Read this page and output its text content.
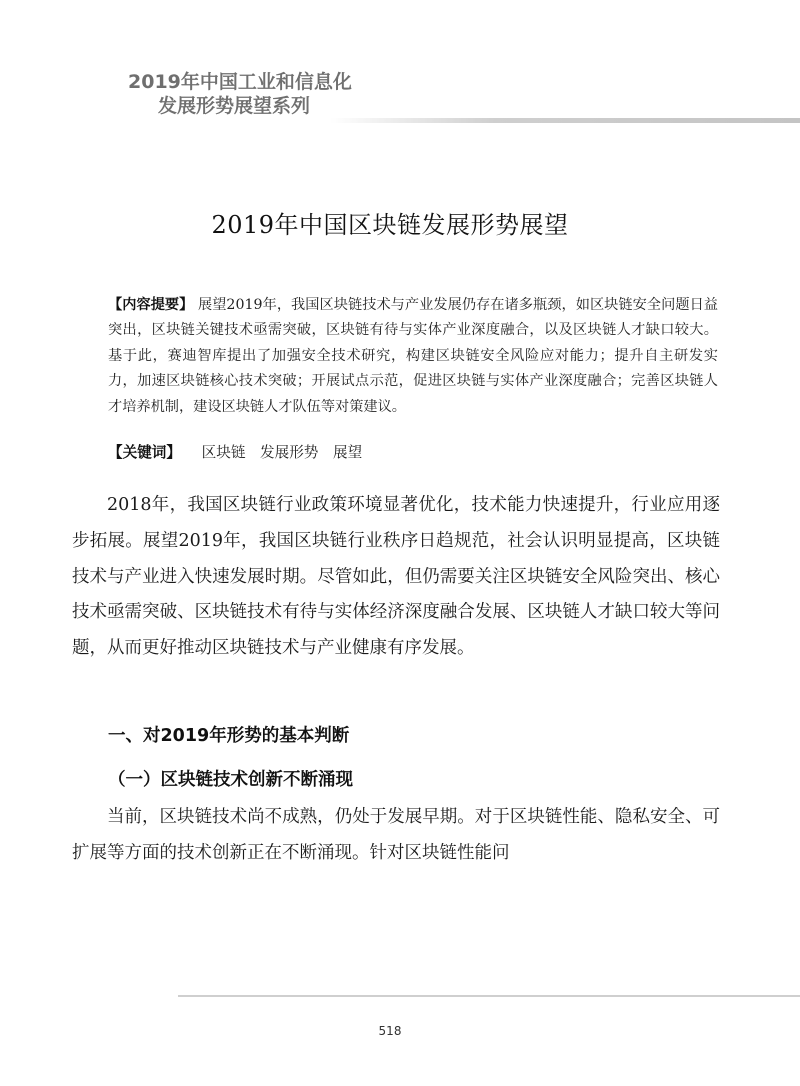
2019年中国工业和信息化
发展形势展望系列
2019年中国区块链发展形势展望
【内容提要】 展望2019年，我国区块链技术与产业发展仍存在诸多瓶颈，如区块链安全问题日益突出，区块链关键技术亟需突破，区块链有待与实体产业深度融合，以及区块链人才缺口较大。基于此，赛迪智库提出了加强安全技术研究，构建区块链安全风险应对能力；提升自主研发实力，加速区块链核心技术突破；开展试点示范，促进区块链与实体产业深度融合；完善区块链人才培养机制，建设区块链人才队伍等对策建议。
【关键词】 区块链　发展形势　展望
2018年，我国区块链行业政策环境显著优化，技术能力快速提升，行业应用逐步拓展。展望2019年，我国区块链行业秩序日趋规范，社会认识明显提高，区块链技术与产业进入快速发展时期。尽管如此，但仍需要关注区块链安全风险突出、核心技术亟需突破、区块链技术有待与实体经济深度融合发展、区块链人才缺口较大等问题，从而更好推动区块链技术与产业健康有序发展。
一、对2019年形势的基本判断
（一）区块链技术创新不断涌现
当前，区块链技术尚不成熟，仍处于发展早期。对于区块链性能、隐私安全、可扩展等方面的技术创新正在不断涌现。针对区块链性能问
518
